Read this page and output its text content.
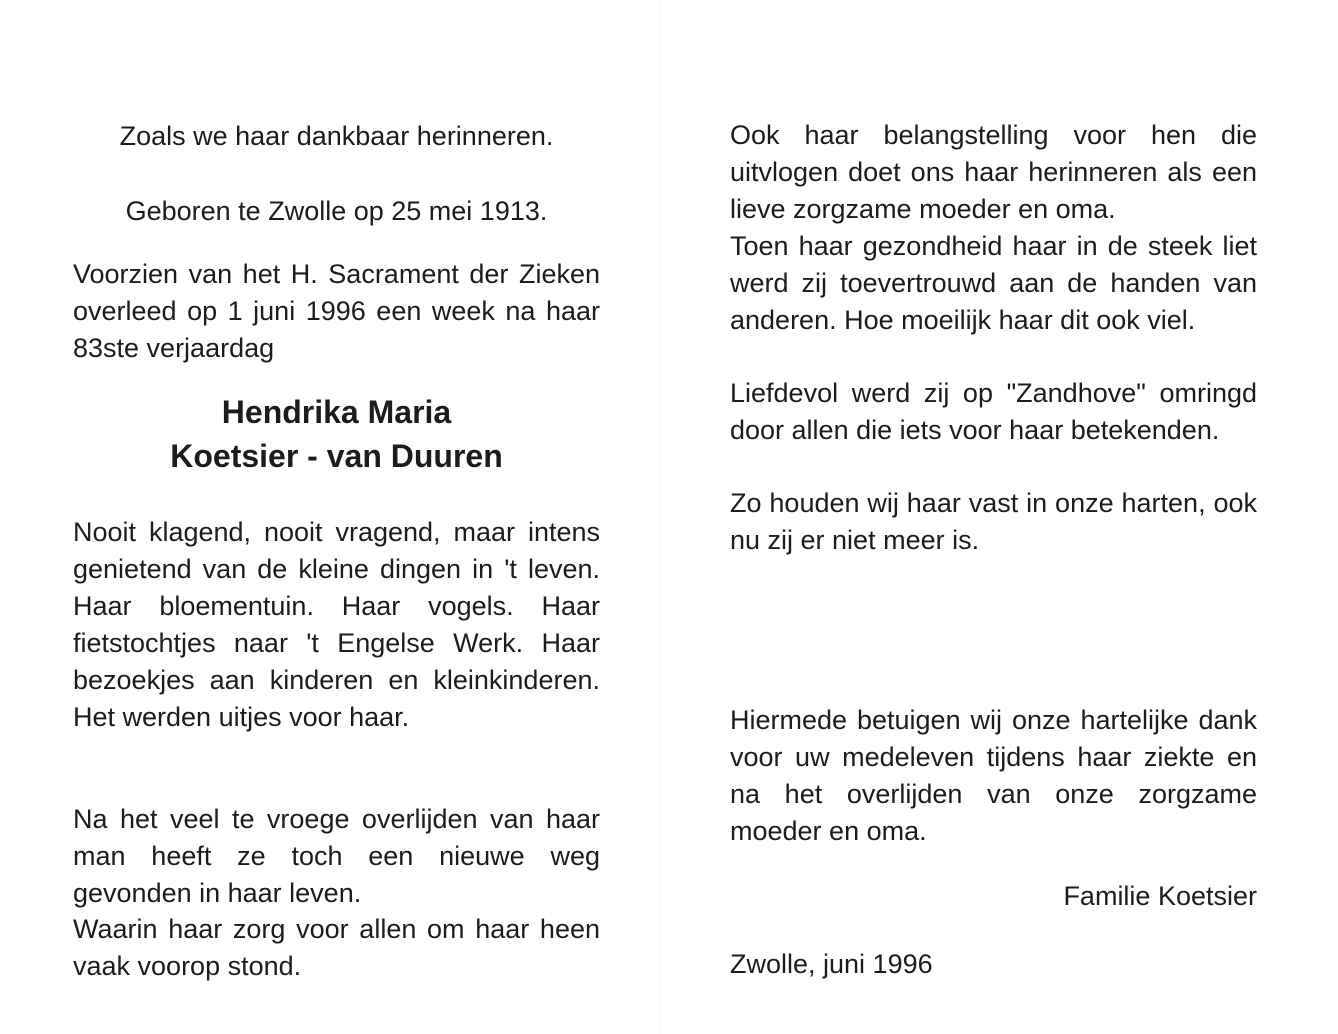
Zoals we haar dankbaar herinneren.

Geboren te Zwolle op 25 mei 1913.

Voorzien van het H. Sacrament der Zieken overleed op 1 juni 1996 een week na haar 83ste verjaardag

Hendrika Maria
Koetsier - van Duuren

Nooit klagend, nooit vragend, maar intens genietend van de kleine dingen in 't leven. Haar bloementuin. Haar vogels. Haar fietstochtjes naar 't Engelse Werk. Haar bezoekjes aan kinderen en kleinkinderen. Het werden uitjes voor haar.

Na het veel te vroege overlijden van haar man heeft ze toch een nieuwe weg gevonden in haar leven.

Waarin haar zorg voor allen om haar heen vaak voorop stond.

Ook haar belangstelling voor hen die uitvlogen doet ons haar herinneren als een lieve zorgzame moeder en oma.

Toen haar gezondheid haar in de steek liet werd zij toevertrouwd aan de handen van anderen. Hoe moeilijk haar dit ook viel.

Liefdevol werd zij op "Zandhove" omringd door allen die iets voor haar betekenden.

Zo houden wij haar vast in onze harten, ook nu zij er niet meer is.

Hiermede betuigen wij onze hartelijke dank voor uw medeleven tijdens haar ziekte en na het overlijden van onze zorgzame moeder en oma.

Familie Koetsier

Zwolle, juni 1996
